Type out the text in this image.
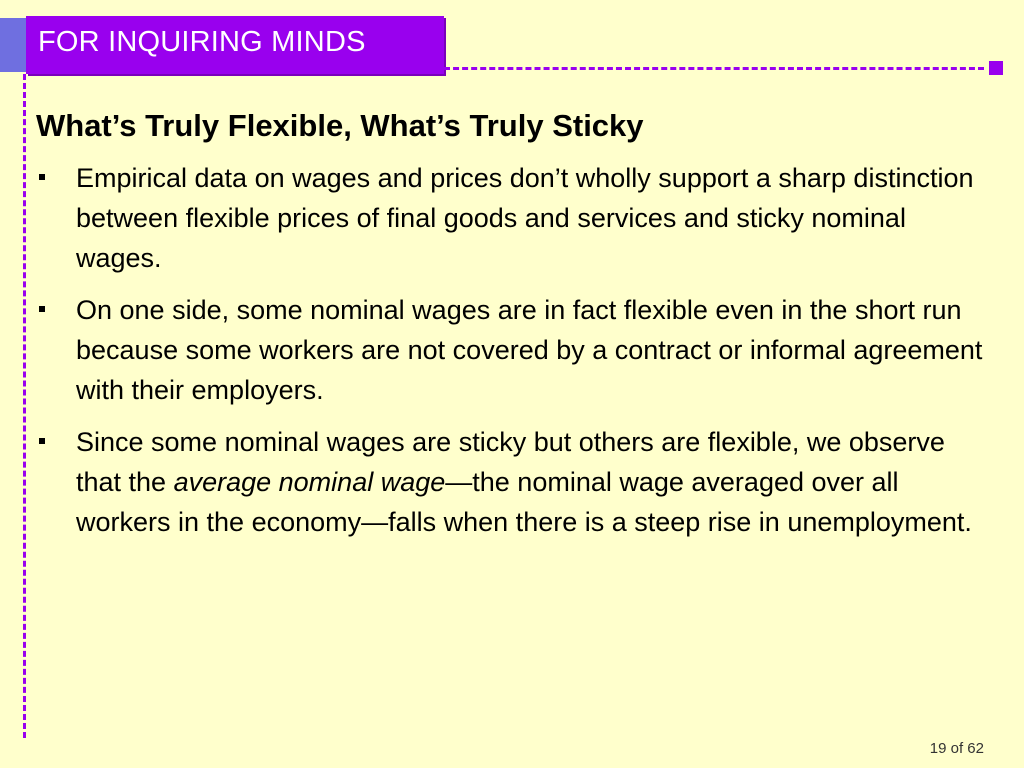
FOR INQUIRING MINDS
What’s Truly Flexible, What’s Truly Sticky
Empirical data on wages and prices don’t wholly support a sharp distinction between flexible prices of final goods and services and sticky nominal wages.
On one side, some nominal wages are in fact flexible even in the short run because some workers are not covered by a contract or informal agreement with their employers.
Since some nominal wages are sticky but others are flexible, we observe that the average nominal wage—the nominal wage averaged over all workers in the economy—falls when there is a steep rise in unemployment.
19 of 62
